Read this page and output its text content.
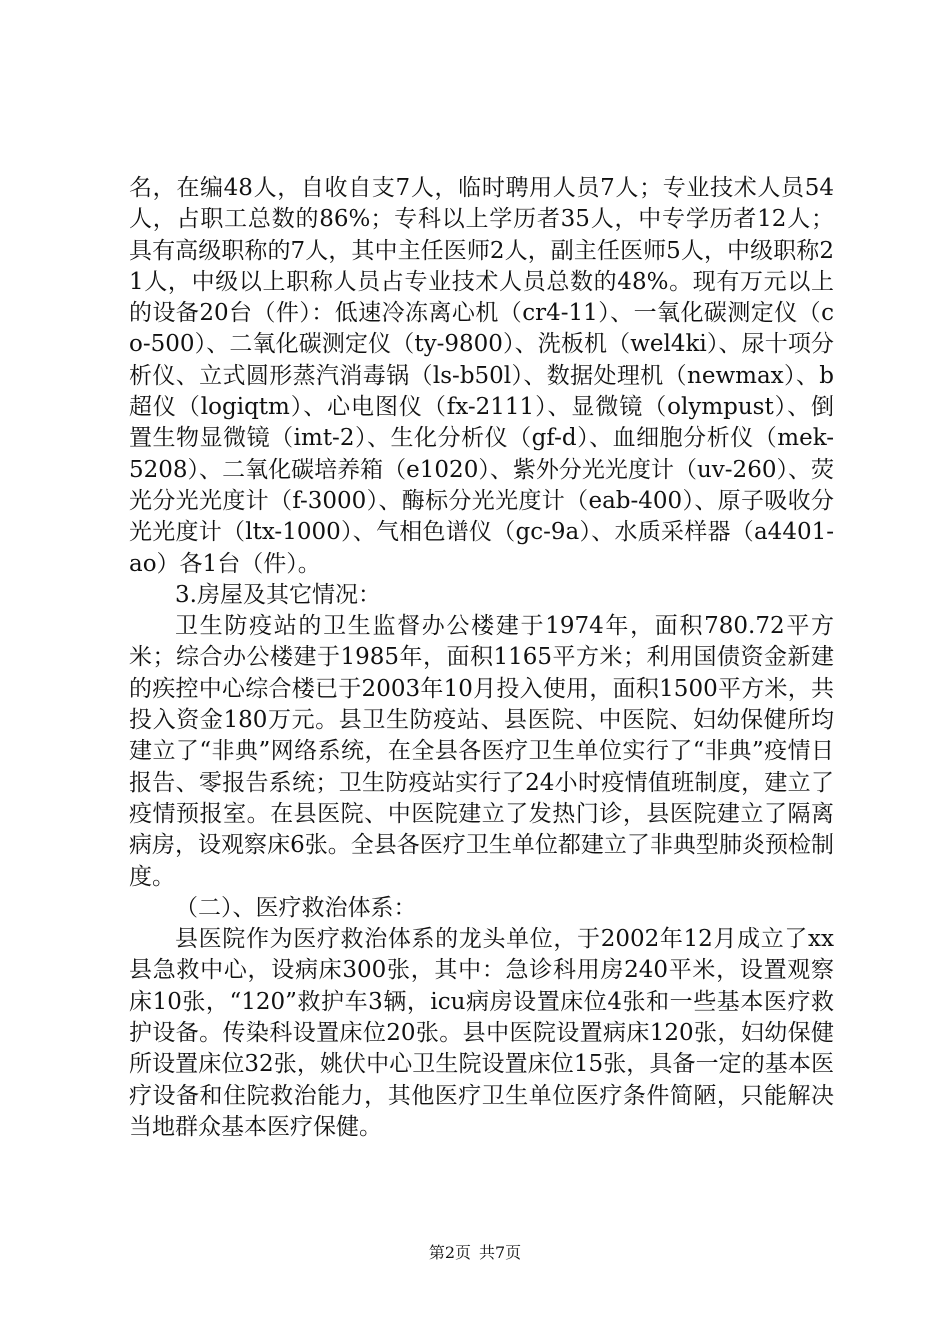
名，在编48人，自收自支7人，临时聘用人员7人；专业技术人员54人，占职工总数的86%；专科以上学历者35人，中专学历者12人；具有高级职称的7人，其中主任医师2人，副主任医师5人，中级职称21人，中级以上职称人员占专业技术人员总数的48%。现有万元以上的设备20台（件）：低速冷冻离心机（cr4-11）、一氧化碳测定仪（co-500）、二氧化碳测定仪（ty-9800）、洗板机（wel4ki）、尿十项分析仪、立式圆形蒸汽消毒锅（ls-b50l）、数据处理机（newmax）、b超仪（logiqtm）、心电图仪（fx-2111）、显微镜（olympust）、倒置生物显微镜（imt-2）、生化分析仪（gf-d）、血细胞分析仪（mek-5208）、二氧化碳培养箱（e1020）、紫外分光光度计（uv-260）、荧光分光光度计（f-3000）、酶标分光光度计（eab-400）、原子吸收分光光度计（ltx-1000）、气相色谱仪（gc-9a）、水质采样器（a4401-ao）各1台（件）。

3.房屋及其它情况：

卫生防疫站的卫生监督办公楼建于1974年，面积780.72平方米；综合办公楼建于1985年，面积1165平方米；利用国债资金新建的疾控中心综合楼已于2003年10月投入使用，面积1500平方米，共投入资金180万元。县卫生防疫站、县医院、中医院、妇幼保健所均建立了“非典”网络系统，在全县各医疗卫生单位实行了“非典”疫情日报告、零报告系统；卫生防疫站实行了24小时疫情值班制度，建立了疫情预报室。在县医院、中医院建立了发热门诊，县医院建立了隔离病房，设观察床6张。全县各医疗卫生单位都建立了非典型肺炎预检制度。

（二）、医疗救治体系：

县医院作为医疗救治体系的龙头单位，于2002年12月成立了xx县急救中心，设病床300张，其中：急诊科用房240平米，设置观察床10张，“120”救护车3辆，icu病房设置床位4张和一些基本医疗救护设备。传染科设置床位20张。县中医院设置病床120张，妇幼保健所设置床位32张，姚伏中心卫生院设置床位15张，具备一定的基本医疗设备和住院救治能力，其他医疗卫生单位医疗条件简陋，只能解决当地群众基本医疗保健。

第2页 共7页
